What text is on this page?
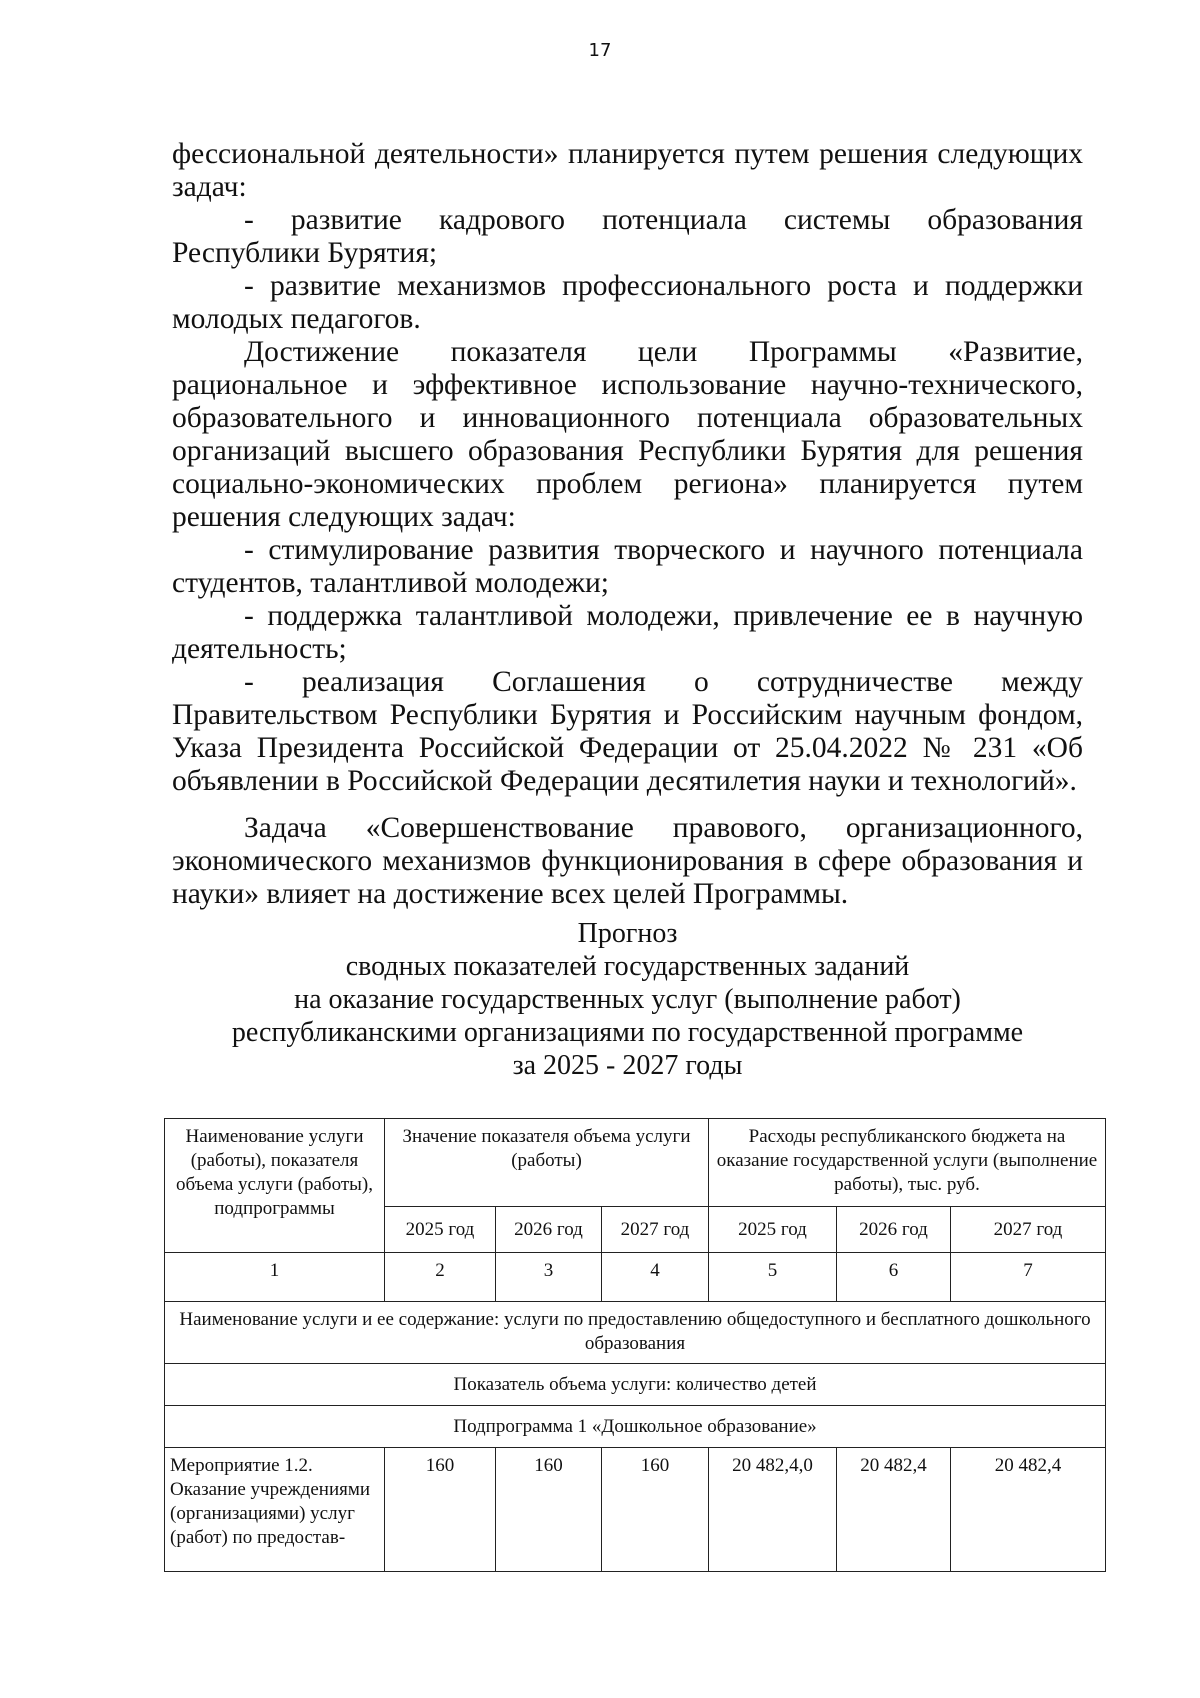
17

фессиональной деятельности» планируется путем решения следующих задач:

- развитие кадрового потенциала системы образования Республики Бурятия;

- развитие механизмов профессионального роста и поддержки молодых педагогов.

Достижение показателя цели Программы «Развитие, рациональное и эффективное использование научно-технического, образовательного и инновационного потенциала образовательных организаций высшего образования Республики Бурятия для решения социально-экономических проблем региона» планируется путем решения следующих задач:

- стимулирование развития творческого и научного потенциала студентов, талантливой молодежи;

- поддержка талантливой молодежи, привлечение ее в научную деятельность;

- реализация Соглашения о сотрудничестве между Правительством Республики Бурятия и Российским научным фондом, Указа Президента Российской Федерации от 25.04.2022 № 231 «Об объявлении в Российской Федерации десятилетия науки и технологий».

Задача «Совершенствование правового, организационного, экономического механизмов функционирования в сфере образования и науки» влияет на достижение всех целей Программы.

Прогноз
сводных показателей государственных заданий
на оказание государственных услуг (выполнение работ)
республиканскими организациями по государственной программе
за 2025 - 2027 годы
Наименование услуги (работы), показателя объема услуги (работы), подпрограммы	Значение показателя объема услуги (работы)			Расходы республиканского бюджета на оказание государственной услуги (выполнение работы), тыс. руб.		
	2025 год	2026 год	2027 год	2025 год	2026 год	2027 год
1	2	3	4	5	6	7
Наименование услуги и ее содержание: услуги по предоставлению общедоступного и бесплатного дошкольного образования						
Показатель объема услуги: количество детей						
Подпрограмма 1 «Дошкольное образование»						
Мероприятие 1.2. Оказание учреждениями (организациями) услуг (работ) по предостав-	160	160	160	20 482,4,0	20 482,4	20 482,4
